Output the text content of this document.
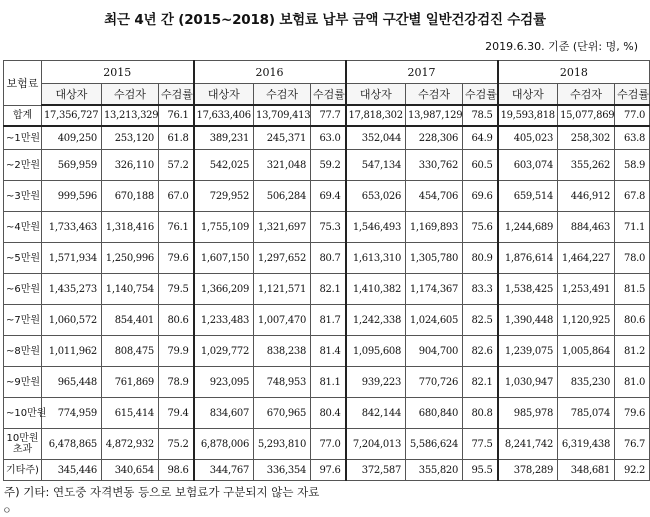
최근 4년 간 (2015~2018) 보험료 납부 금액 구간별 일반건강검진 수검률
2019.6.30. 기준 (단위: 명, %)
보험료	2015			2016			2017			2018		
	대상자	수검자	수검률	대상자	수검자	수검률	대상자	수검자	수검률	대상자	수검자	수검률
합계	17,356,727	13,213,329	76.1	17,633,406	13,709,413	77.7	17,818,302	13,987,129	78.5	19,593,818	15,077,869	77.0
~1만원	409,250	253,120	61.8	389,231	245,371	63.0	352,044	228,306	64.9	405,023	258,302	63.8
~2만원	569,959	326,110	57.2	542,025	321,048	59.2	547,134	330,762	60.5	603,074	355,262	58.9
~3만원	999,596	670,188	67.0	729,952	506,284	69.4	653,026	454,706	69.6	659,514	446,912	67.8
~4만원	1,733,463	1,318,416	76.1	1,755,109	1,321,697	75.3	1,546,493	1,169,893	75.6	1,244,689	884,463	71.1
~5만원	1,571,934	1,250,996	79.6	1,607,150	1,297,652	80.7	1,613,310	1,305,780	80.9	1,876,614	1,464,227	78.0
~6만원	1,435,273	1,140,754	79.5	1,366,209	1,121,571	82.1	1,410,382	1,174,367	83.3	1,538,425	1,253,491	81.5
~7만원	1,060,572	854,401	80.6	1,233,483	1,007,470	81.7	1,242,338	1,024,605	82.5	1,390,448	1,120,925	80.6
~8만원	1,011,962	808,475	79.9	1,029,772	838,238	81.4	1,095,608	904,700	82.6	1,239,075	1,005,864	81.2
~9만원	965,448	761,869	78.9	923,095	748,953	81.1	939,223	770,726	82.1	1,030,947	835,230	81.0
~10만원	774,959	615,414	79.4	834,607	670,965	80.4	842,144	680,840	80.8	985,978	785,074	79.6
10만원 초과	6,478,865	4,872,932	75.2	6,878,006	5,293,810	77.0	7,204,013	5,586,624	77.5	8,241,742	6,319,438	76.7
기타주)	345,446	340,654	98.6	344,767	336,354	97.6	372,587	355,820	95.5	378,289	348,681	92.2
주) 기타: 연도중 자격변동 등으로 보험료가 구분되지 않는 자료
ㅇ
